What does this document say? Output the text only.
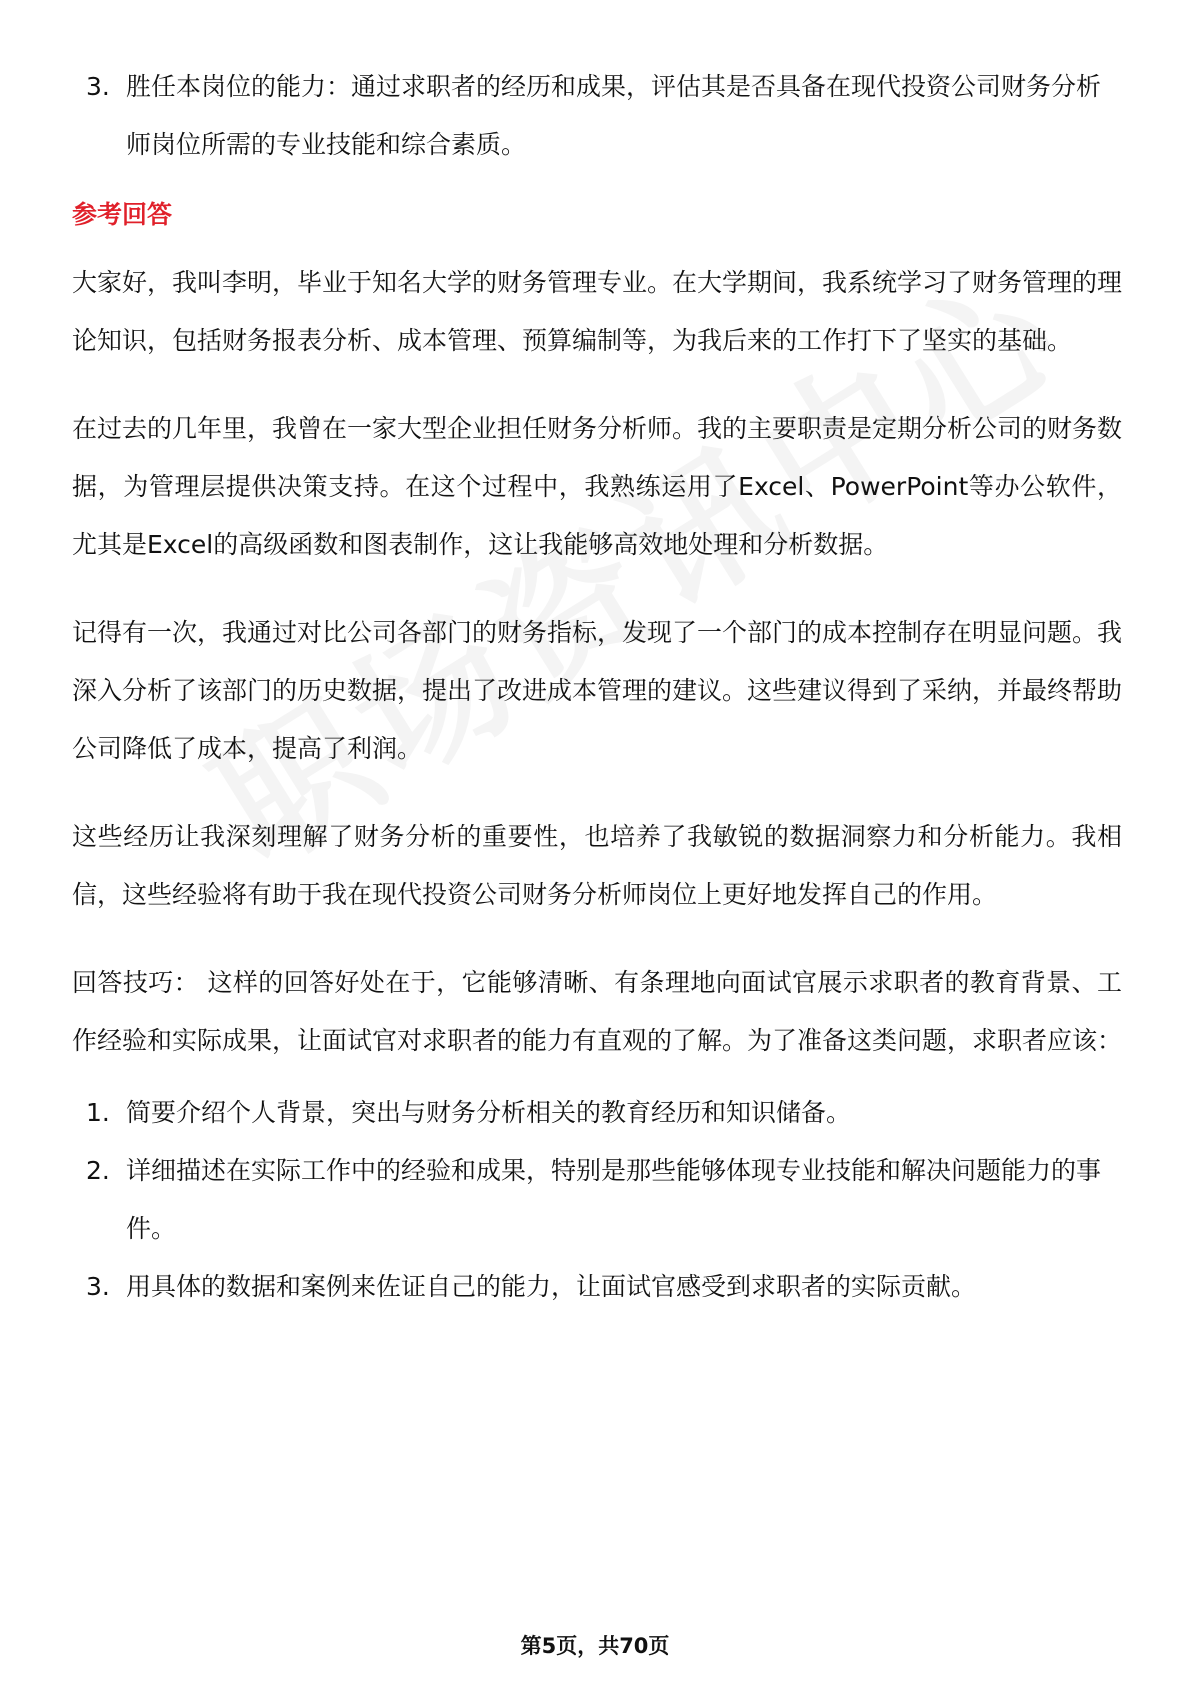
3. 胜任本岗位的能力：通过求职者的经历和成果，评估其是否具备在现代投资公司财务分析师岗位所需的专业技能和综合素质。
参考回答

大家好，我叫李明，毕业于知名大学的财务管理专业。在大学期间，我系统学习了财务管理的理论知识，包括财务报表分析、成本管理、预算编制等，为我后来的工作打下了坚实的基础。

在过去的几年里，我曾在一家大型企业担任财务分析师。我的主要职责是定期分析公司的财务数据，为管理层提供决策支持。在这个过程中，我熟练运用了Excel、PowerPoint等办公软件，尤其是Excel的高级函数和图表制作，这让我能够高效地处理和分析数据。

记得有一次，我通过对比公司各部门的财务指标，发现了一个部门的成本控制存在明显问题。我深入分析了该部门的历史数据，提出了改进成本管理的建议。这些建议得到了采纳，并最终帮助公司降低了成本，提高了利润。

这些经历让我深刻理解了财务分析的重要性，也培养了我敏锐的数据洞察力和分析能力。我相信，这些经验将有助于我在现代投资公司财务分析师岗位上更好地发挥自己的作用。

回答技巧： 这样的回答好处在于，它能够清晰、有条理地向面试官展示求职者的教育背景、工作经验和实际成果，让面试官对求职者的能力有直观的了解。为了准备这类问题，求职者应该：

1. 简要介绍个人背景，突出与财务分析相关的教育经历和知识储备。
2. 详细描述在实际工作中的经验和成果，特别是那些能够体现专业技能和解决问题能力的事件。
3. 用具体的数据和案例来佐证自己的能力，让面试官感受到求职者的实际贡献。
第5页，共70页
